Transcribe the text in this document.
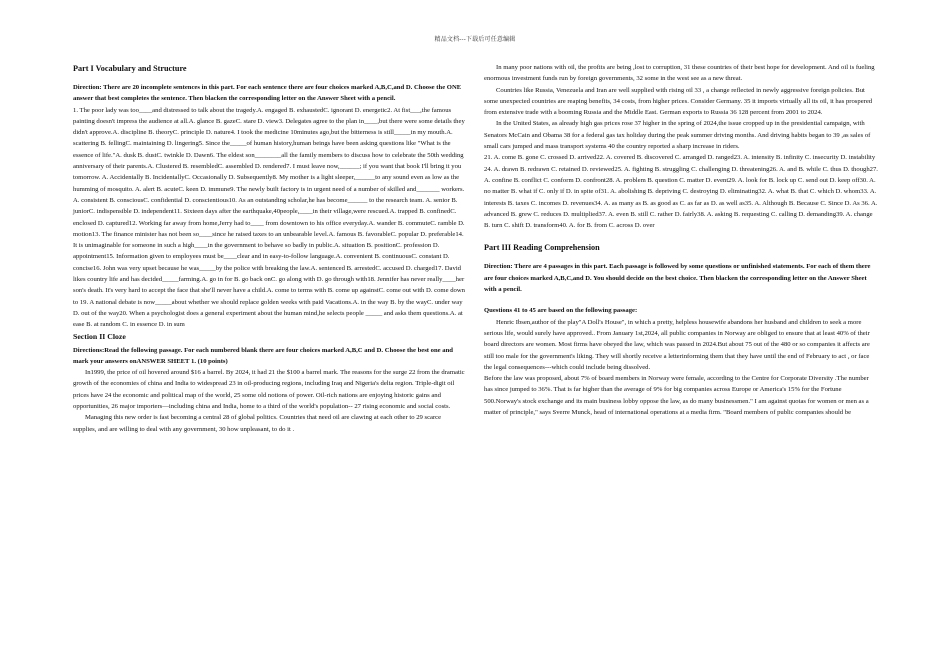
精品文档---下载后可任意编辑
Part I Vocabulary and Structure

Direction: There are 20 incomplete sentences in this part. For each sentence there are four choices marked A,B,C,and D. Choose the ONE answer that best completes the sentence. Then blacken the corresponding letter on the Answer Sheet with a pencil.

1. The poor lady was too____and distressed to talk about the tragedy.A. engaged B. exhaustedC. ignorant D. energetic2. At fist___,the famous painting doesn't impress the audience at all.A. glance B. gazeC. stare D. view3. Delegates agree to the plan in____,but there were some details they didn't approve.A. discipline B. theoryC. principle D. nature4. I took the medicine 10minutes ago,but the bitterness is still_____in my mouth.A. scattering B. fellingC. maintaining D. lingering5. Since the_____of human history,human beings have been asking questions like "What is the essence of life."A. dusk B. dustC. twinkle D. Dawn6. The eldest son________all the family members to discuss how to celebrate the 50th wedding anniversary of their parents.A. Clustered B. resembledC. assembled D. rendered7. I must leave now,______; if you want that book I'll bring it you tomorrow. A. Accidentally B. IncidentallyC. Occasionally D. Subsequently8. My mother is a light sleeper,______to any sound even as low as the humming of mosquito. A. alert B. acuteC. keen D. immune9. The newly built factory is in urgent need of a number of skilled and_______ workers. A. consistent B. consciousC. confidential D. conscientious10. As an outstanding scholar,he has become______ to the research team. A. senior B. juniorC. indispensible D. independent11. Sixteen days after the earthquake,40people,____in their village,were rescued.A. trapped B. confinedC. enclosed D. captured12. Working far away from home,Jerry had to____ from downtown to his office everyday.A. wander B. commuteC. ramble D. motion13. The finance minister has not been so____since he raised taxes to an unbearable level.A. famous B. favorableC. popular D. preferable14. It is unimaginable for someone in such a high____in the government to behave so badly in public.A. situation B. positionC. profession D. appointment15. Information given to employees must be____clear and in easy-to-follow language.A. convenient B. continuousC. constant D. concise16. John was very upset because he was_____by the police with breaking the law.A. sentenced B. arrestedC. accused D. charged17. David likes country life and has decided_____farming.A. go in for B. go back onC. go along with D. go through with18. Jennifer has never really____her son's death. It's very hard to accept the face that she'll never have a child.A. come to terms with B. come up againstC. come out with D. come down to 19. A national debate is now_____about whether we should replace golden weeks with paid Vacations.A. in the way B. by the wayC. under way D. out of the way20. When a psychologist does a general experiment about the human mind,he selects people _____ and asks them questions.A. at ease B. at random C. in essence D. in sum

Section II Cloze

Directions:Read the following passage. For each numbered blank there are four choices marked A,B,C and D. Choose the best one and mark your answers onANSWER SHEET 1. (10 points)

In1999, the price of oil hovered around $16 a barrel. By 2024, it had 21 the $100 a barrel mark. The reasons for the surge 22 from the dramatic growth of the economies of china and India to widespread 23 in oil-producing regions, including Iraq and Nigeria's delta region. Triple-digit oil prices have 24 the economic and political map of the world, 25 some old notions of power. Oil-rich nations are enjoying historic gains and opportunities, 26 major importers—including china and India, home to a third of the world's population-- 27 rising economic and social costs.

Managing this new order is fast becoming a central 28 of global politics. Countries that need oil are clawing at each other to 29 scarce supplies, and are willing to deal with any government, 30 how unpleasant, to do it .

In many poor nations with oil, the profits are being ,lost to corruption, 31 these countries of their best hope for development. And oil is fueling enormous investment funds run by foreign governments, 32 some in the west see as a new threat.

Countries like Russia, Venezuela and Iran are well supplied with rising oil 33 , a change reflected in newly aggressive foreign policies. But some unexpected countries are reaping benefits, 34 costs, from higher prices. Consider Germany. 35 it imports virtually all its oil, it has prospered from extensive trade with a booming Russia and the Middle East. German exports to Russia 36 128 percent from 2001 to 2024.

In the United States, as already high gas prices rose 37 higher in the spring of 2024,the issue cropped up in the presidential campaign, with Senators McCain and Obama 38 for a federal gas tax holiday during the peak summer driving months. And driving habits began to 39 ,as sales of small cars jumped and mass transport systems 40 the country reported a sharp increase in riders.

21. A. come B. gone C. crossed D. arrived22. A. covered B. discovered C. arranged D. ranged23. A. intensity B. infinity C. insecurity D. instability 24. A. drawn B. redrawn C. retained D. reviewed25. A. fighting B. struggling C. challenging D. threatening26. A. and B. while C. thus D. though27. A. confine B. conflict C. conform D. confront28. A. problem B. question C. matter D. event29. A. look for B. lock up C. send out D. keep off30. A. no matter B. what if C. only if D. in spite of31. A. abolishing B. depriving C. destroying D. eliminating32. A. what B. that C. which D. whom33. A. interests B. taxes C. incomes D. revenues34. A. as many as B. as good as C. as far as D. as well as35. A. Although B. Because C. Since D. As 36. A. advanced B. grew C. reduces D. multiplied37. A. even B. still C. rather D. fairly38. A. asking B. requesting C. calling D. demanding39. A. change B. turn C. shift D. transform40. A. for B. from C. across D. over

Part III Reading Comprehension

Direction: There are 4 passages in this part. Each passage is followed by some questions or unfinished statements. For each of them there are four choices marked A,B,C,and D. You should decide on the best choice. Then blacken the corresponding letter on the Answer Sheet with a pencil.

Questions 41 to 45 are based on the following passage:

Henric Ibsen,author of the play"A Doll's House", in which a pretty, helpless housewife abandons her husband and children to seek a more serious life, would surely have approved.. From January 1st,2024, all public companies in Norway are obliged to ensure that at least 40% of their board directors are women. Most firms have obeyed the law, which was passed in 2024.But about 75 out of the 480 or so companies it affects are still too male for the government's liking. They will shortly receive a letterinforming them that they have until the end of February to act , or face the legal consequences---which could include being dissolved.

Before the law was proposed, about 7% of board members in Norway were female, according to the Centre for Corporate Diversity .The number has since jumped to 36%. That is far higher than the average of 9% for big companies across Europe or America's 15% for the Fortune 500.Norway's stock exchange and its main business lobby oppose the law, as do many businessmen." I am against quotas for women or men as a matter of principle," says Sverre Munck, head of international operations at a media firm. "Board members of public companies should be
